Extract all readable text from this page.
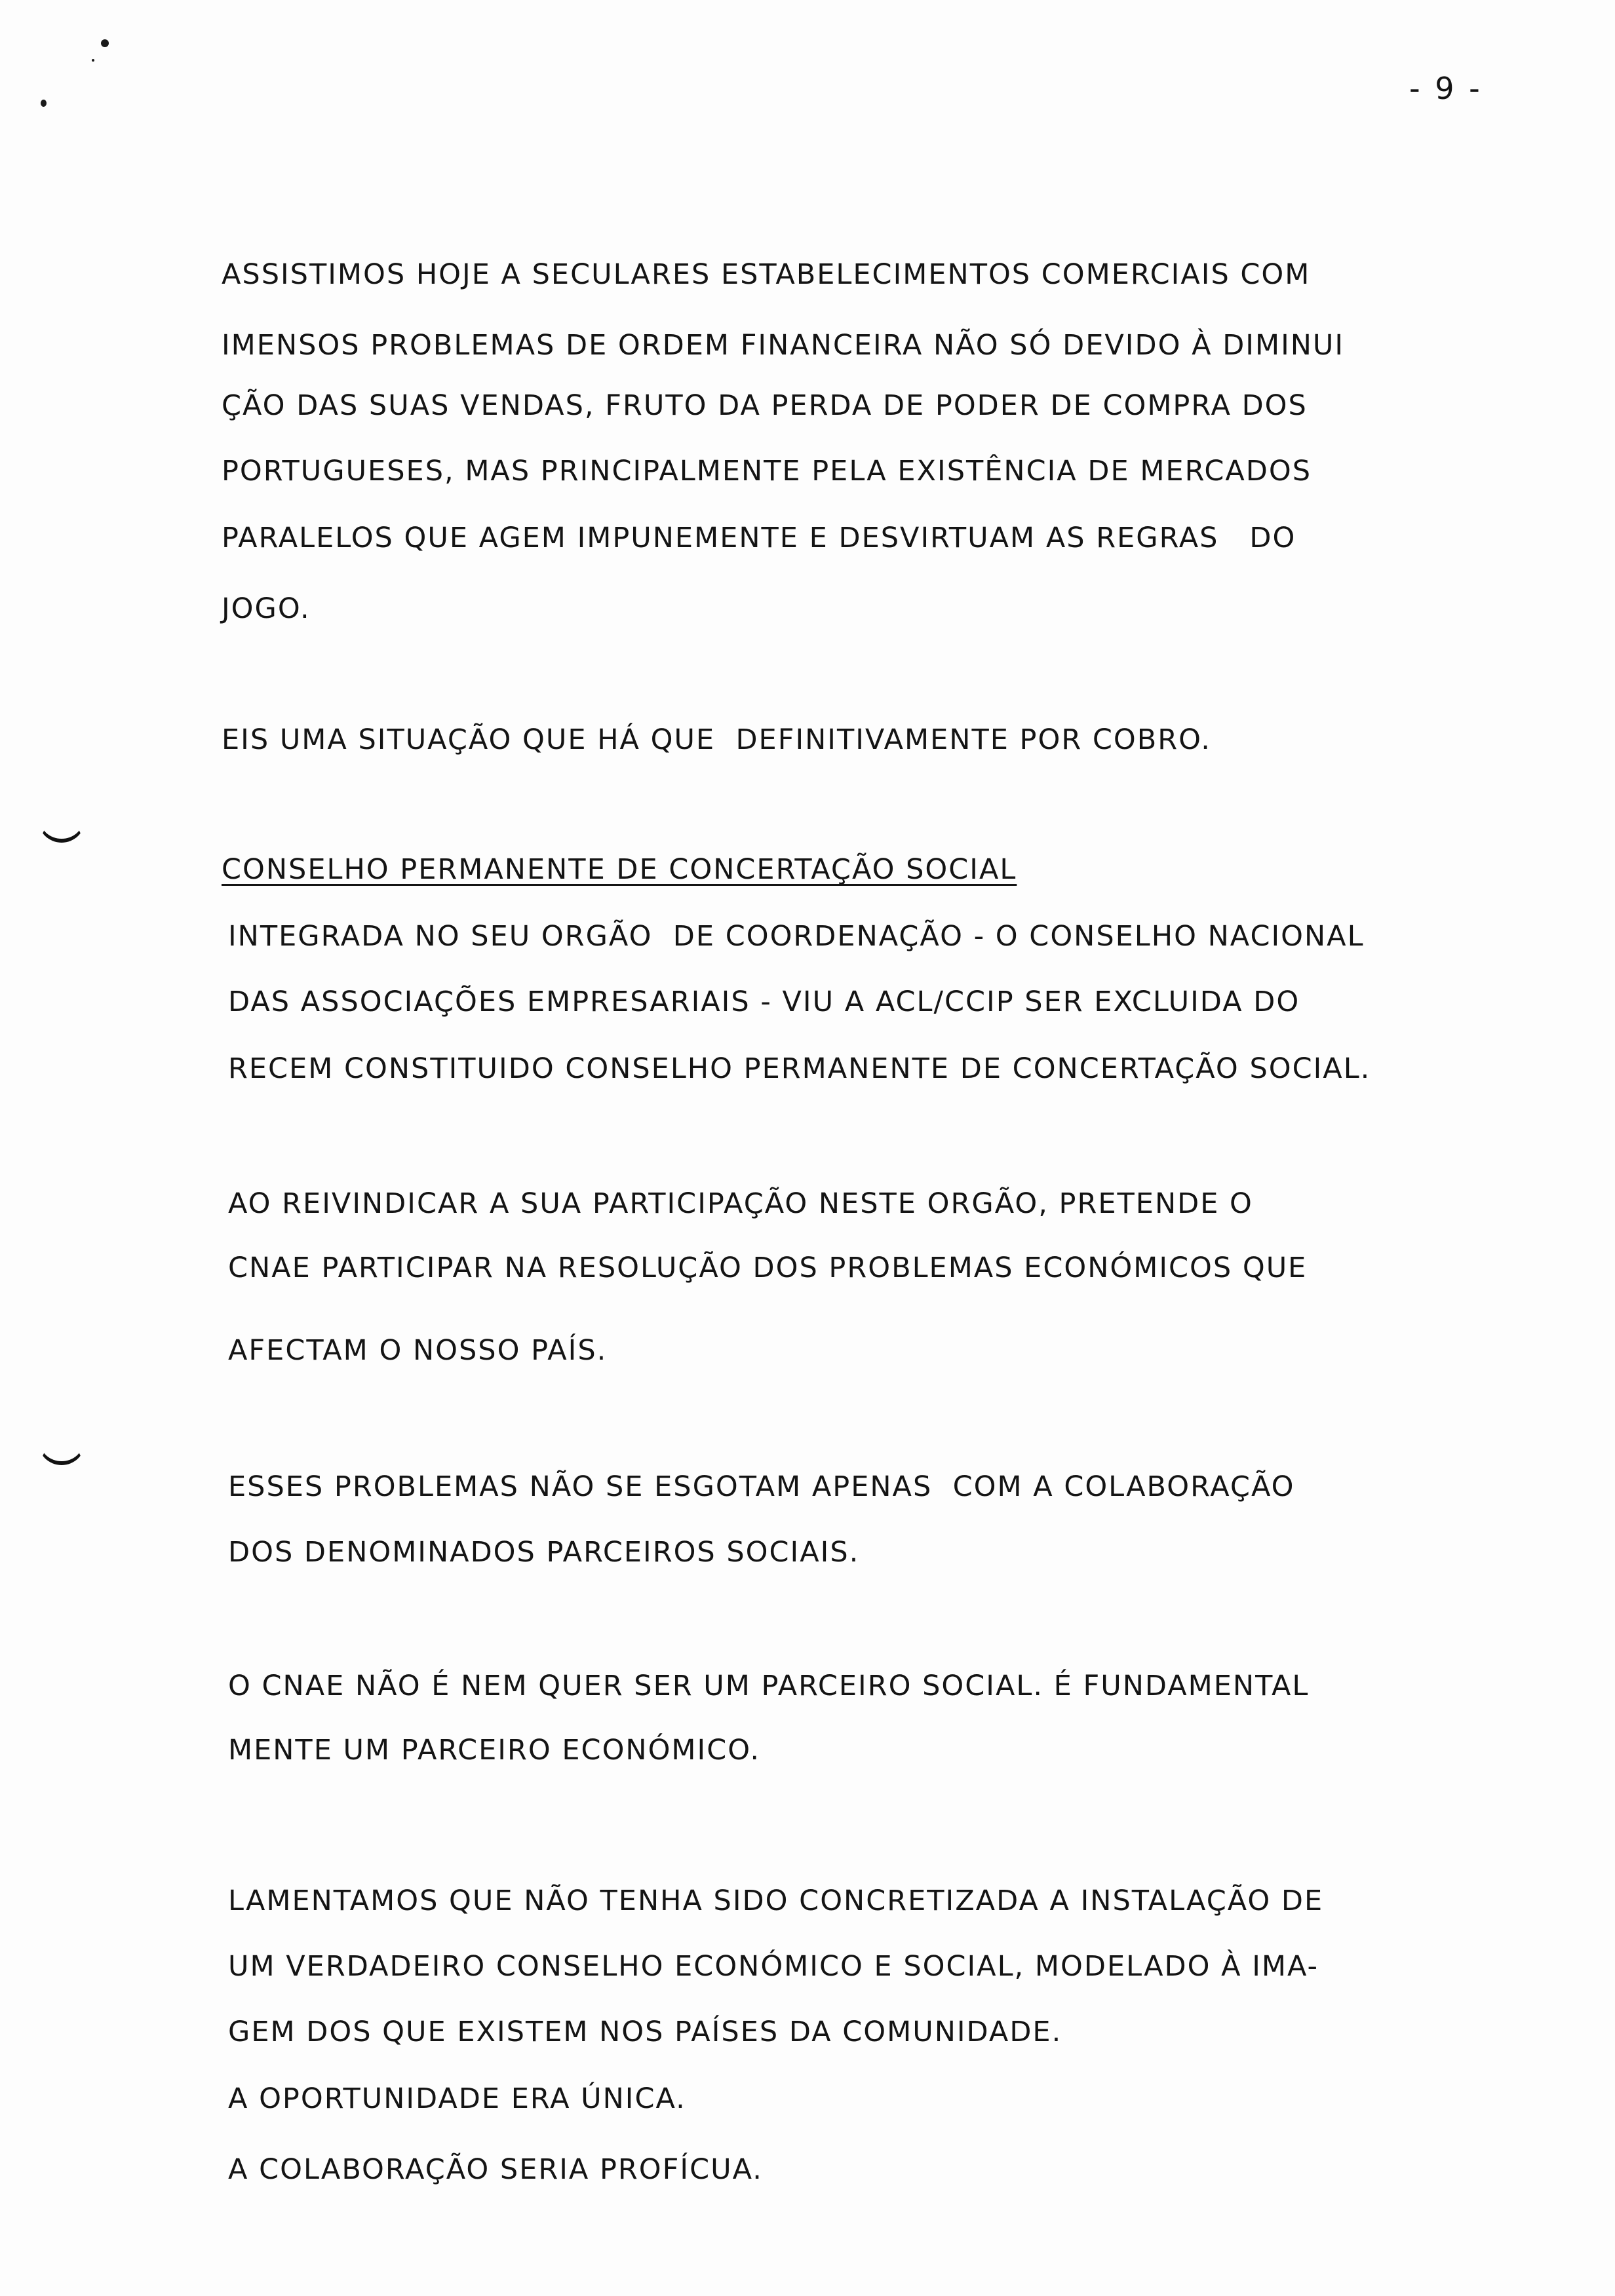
- 9 -
ASSISTIMOS HOJE A SECULARES ESTABELECIMENTOS COMERCIAIS COM
IMENSOS PROBLEMAS DE ORDEM FINANCEIRA NÃO SÓ DEVIDO À DIMINUI
ÇÃO DAS SUAS VENDAS, FRUTO DA PERDA DE PODER DE COMPRA DOS
PORTUGUESES, MAS PRINCIPALMENTE PELA EXISTÊNCIA DE MERCADOS
PARALELOS QUE AGEM IMPUNEMENTE E DESVIRTUAM AS REGRAS   DO
JOGO.
EIS UMA SITUAÇÃO QUE HÁ QUE  DEFINITIVAMENTE POR COBRO.
CONSELHO PERMANENTE DE CONCERTAÇÃO SOCIAL
INTEGRADA NO SEU ORGÃO  DE COORDENAÇÃO - O CONSELHO NACIONAL
DAS ASSOCIAÇÕES EMPRESARIAIS - VIU A ACL/CCIP SER EXCLUIDA DO
RECEM CONSTITUIDO CONSELHO PERMANENTE DE CONCERTAÇÃO SOCIAL.
AO REIVINDICAR A SUA PARTICIPAÇÃO NESTE ORGÃO, PRETENDE O
CNAE PARTICIPAR NA RESOLUÇÃO DOS PROBLEMAS ECONÓMICOS QUE
AFECTAM O NOSSO PAÍS.
ESSES PROBLEMAS NÃO SE ESGOTAM APENAS  COM A COLABORAÇÃO
DOS DENOMINADOS PARCEIROS SOCIAIS.
O CNAE NÃO É NEM QUER SER UM PARCEIRO SOCIAL. É FUNDAMENTAL
MENTE UM PARCEIRO ECONÓMICO.
LAMENTAMOS QUE NÃO TENHA SIDO CONCRETIZADA A INSTALAÇÃO DE
UM VERDADEIRO CONSELHO ECONÓMICO E SOCIAL, MODELADO À IMA-
GEM DOS QUE EXISTEM NOS PAÍSES DA COMUNIDADE.
A OPORTUNIDADE ERA ÚNICA.
A COLABORAÇÃO SERIA PROFÍCUA.
